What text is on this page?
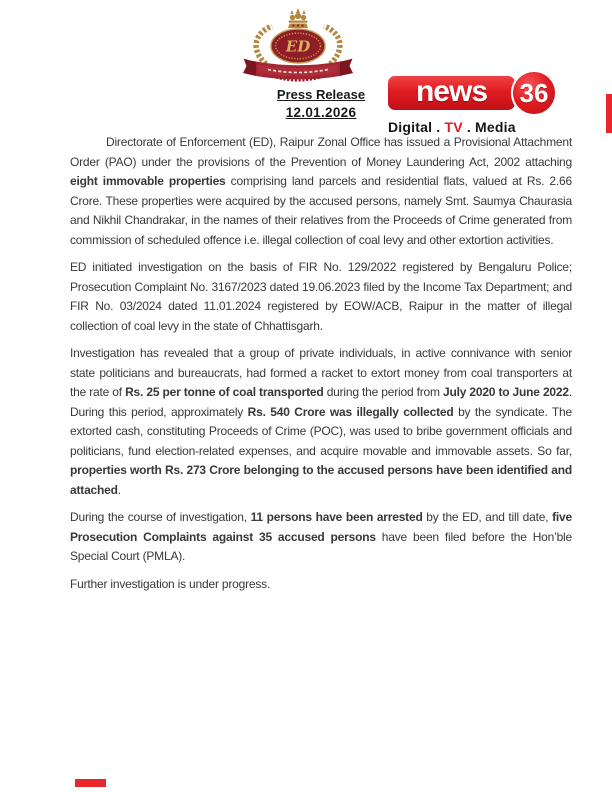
ED
Press Release
12.01.2026
news	36
Digital . TV . Media

Directorate of Enforcement (ED), Raipur Zonal Office has issued a Provisional Attachment Order (PAO) under the provisions of the Prevention of Money Laundering Act, 2002 attaching eight immovable properties comprising land parcels and residential flats, valued at Rs. 2.66 Crore. These properties were acquired by the accused persons, namely Smt. Saumya Chaurasia and Nikhil Chandrakar, in the names of their relatives from the Proceeds of Crime generated from commission of scheduled offence i.e. illegal collection of coal levy and other extortion activities.

ED initiated investigation on the basis of FIR No. 129/2022 registered by Bengaluru Police; Prosecution Complaint No. 3167/2023 dated 19.06.2023 filed by the Income Tax Department; and FIR No. 03/2024 dated 11.01.2024 registered by EOW/ACB, Raipur in the matter of illegal collection of coal levy in the state of Chhattisgarh.

Investigation has revealed that a group of private individuals, in active connivance with senior state politicians and bureaucrats, had formed a racket to extort money from coal transporters at the rate of Rs. 25 per tonne of coal transported during the period from July 2020 to June 2022. During this period, approximately Rs. 540 Crore was illegally collected by the syndicate. The extorted cash, constituting Proceeds of Crime (POC), was used to bribe government officials and politicians, fund election-related expenses, and acquire movable and immovable assets. So far, properties worth Rs. 273 Crore belonging to the accused persons have been identified and attached.

During the course of investigation, 11 persons have been arrested by the ED, and till date, five Prosecution Complaints against 35 accused persons have been filed before the Hon’ble Special Court (PMLA).

Further investigation is under progress.
